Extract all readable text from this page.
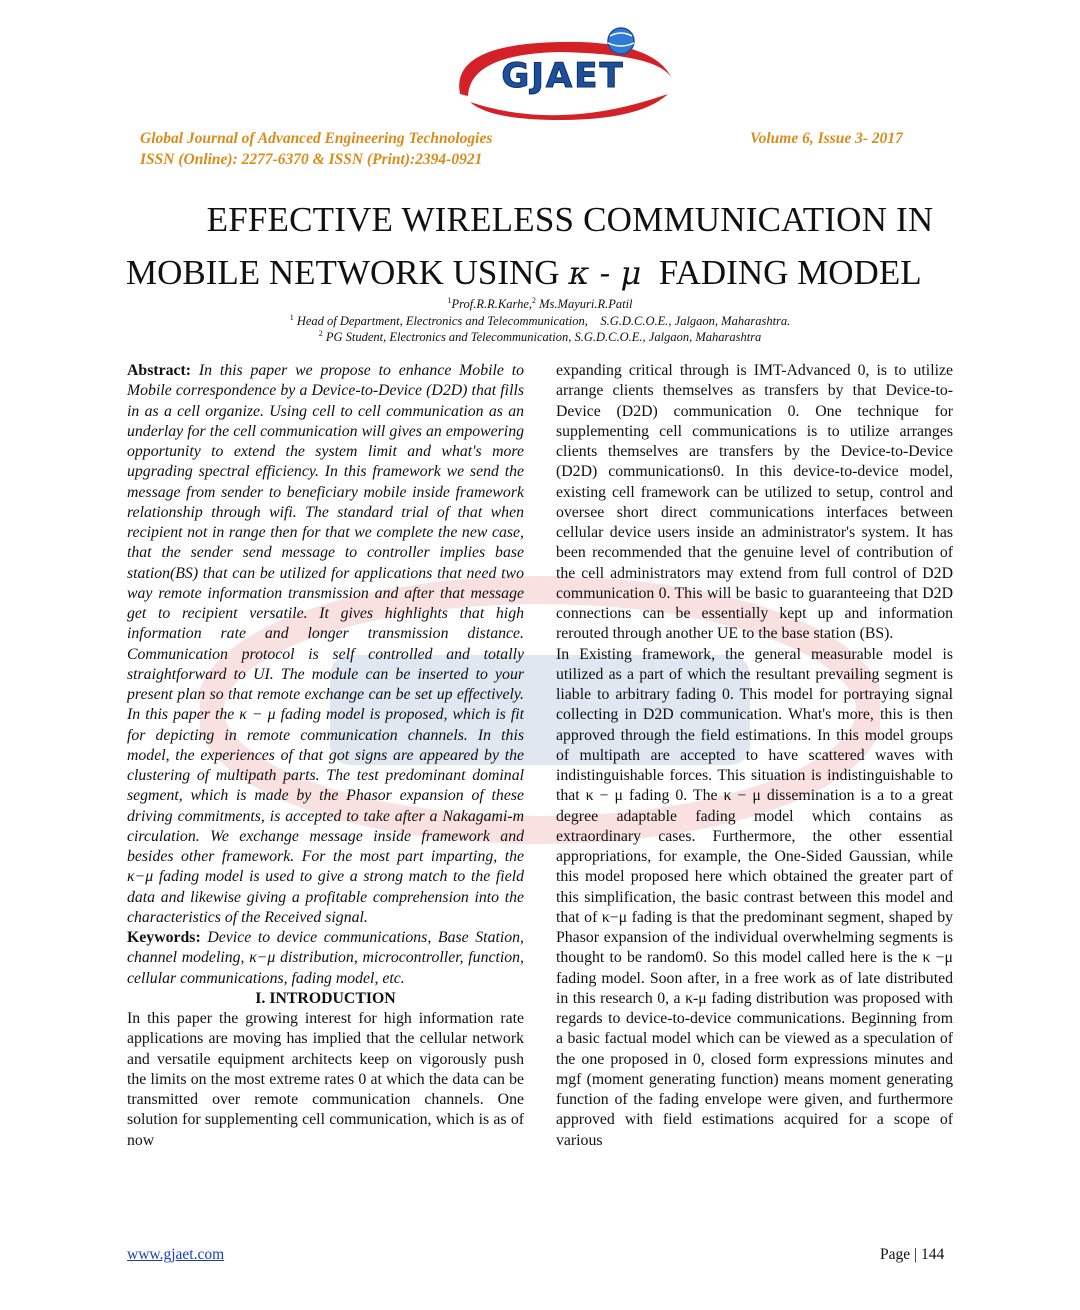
GJAET
Global Journal of Advanced Engineering Technologies	Volume 6, Issue 3- 2017
ISSN (Online): 2277-6370 & ISSN (Print):2394-0921
EFFECTIVE WIRELESS COMMUNICATION IN
MOBILE NETWORK USING κ - μ  FADING MODEL
$^1$Prof.R.R.Karhe,$^2$ Ms.Mayuri.R.Patil
$^1$ Head of Department, Electronics and Telecommunication,    S.G.D.C.O.E., Jalgaon, Maharashtra.
$^2$ PG Student, Electronics and Telecommunication, S.G.D.C.O.E., Jalgaon, Maharashtra

Abstract: In this paper we propose to enhance Mobile to Mobile correspondence by a Device-to-Device (D2D) that fills in as a cell organize. Using cell to cell communication as an underlay for the cell communication will gives an empowering opportunity to extend the system limit and what's more upgrading spectral efficiency. In this framework we send the message from sender to beneficiary mobile inside framework relationship through wifi. The standard trial of that when recipient not in range then for that we complete the new case, that the sender send message to controller implies base station(BS) that can be utilized for applications that need two way remote information transmission and after that message get to recipient versatile. It gives highlights that high information rate and longer transmission distance. Communication protocol is self controlled and totally straightforward to UI. The module can be inserted to your present plan so that remote exchange can be set up effectively. In this paper the κ − μ fading model is proposed, which is fit for depicting in remote communication channels. In this model, the experiences of that got signs are appeared by the clustering of multipath parts. The test predominant dominal segment, which is made by the Phasor expansion of these driving commitments, is accepted to take after a Nakagami-m circulation. We exchange message inside framework and besides other framework. For the most part imparting, the κ−μ fading model is used to give a strong match to the field data and likewise giving a profitable comprehension into the characteristics of the Received signal.

Keywords: Device to device communications, Base Station, channel modeling, κ−μ distribution, microcontroller, function, cellular communications, fading model, etc.

I. INTRODUCTION

In this paper the growing interest for high information rate applications are moving has implied that the cellular network and versatile equipment architects keep on vigorously push the limits on the most extreme rates 0 at which the data can be transmitted over remote communication channels. One solution for supplementing cell communication, which is as of now

expanding critical through is IMT-Advanced 0, is to utilize arrange clients themselves as transfers by that Device-to-Device (D2D) communication 0. One technique for supplementing cell communications is to utilize arranges clients themselves are transfers by the Device-to-Device (D2D) communications0. In this device-to-device model, existing cell framework can be utilized to setup, control and oversee short direct communications interfaces between cellular device users inside an administrator's system. It has been recommended that the genuine level of contribution of the cell administrators may extend from full control of D2D communication 0. This will be basic to guaranteeing that D2D connections can be essentially kept up and information rerouted through another UE to the base station (BS).

In Existing framework, the general measurable model is utilized as a part of which the resultant prevailing segment is liable to arbitrary fading 0. This model for portraying signal collecting in D2D communication. What's more, this is then approved through the field estimations. In this model groups of multipath are accepted to have scattered waves with indistinguishable forces. This situation is indistinguishable to that κ − μ fading 0. The κ − μ dissemination is a to a great degree adaptable fading model which contains as extraordinary cases. Furthermore, the other essential appropriations, for example, the One-Sided Gaussian, while this model proposed here which obtained the greater part of this simplification, the basic contrast between this model and that of κ−μ fading is that the predominant segment, shaped by Phasor expansion of the individual overwhelming segments is thought to be random0. So this model called here is the κ −μ fading model. Soon after, in a free work as of late distributed in this research 0, a κ-μ fading distribution was proposed with regards to device-to-device communications. Beginning from a basic factual model which can be viewed as a speculation of the one proposed in 0, closed form expressions minutes and mgf (moment generating function) means moment generating function of the fading envelope were given, and furthermore approved with field estimations acquired for a scope of various

www.gjaet.com	Page | 144
